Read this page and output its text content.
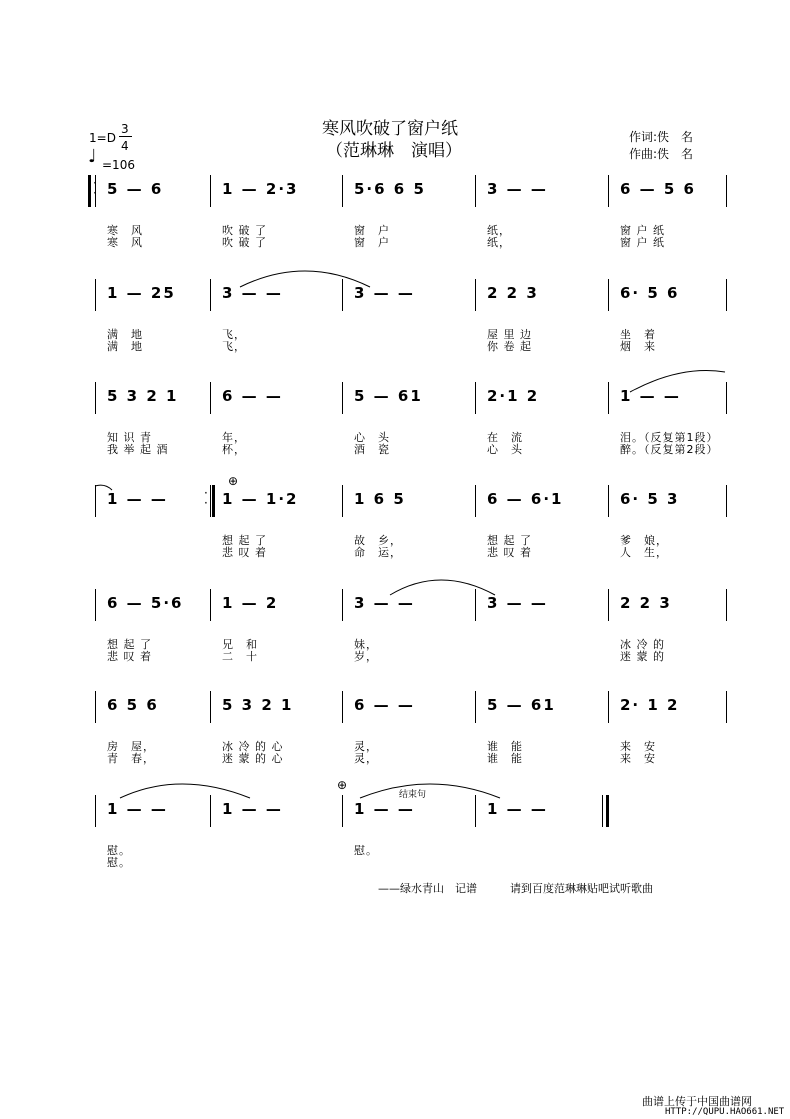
寒风吹破了窗户纸
（范琳琳　演唱）
作词:佚　名
作曲:佚　名
1=D
3
4
♩ =106
5 — 6
寒　风
寒　风
1 — 2·3
吹 破 了
吹 破 了
5·6 6 5
窗　户
窗　户
3 — —
纸，
纸，
6 — 5 6
窗 户 纸
窗 户 纸
1 — 25
满　地
满　地
3 — —
飞，
飞，
3 — —	2 2 3
屋 里 边
你 卷 起
6· 5 6
坐　着
烟　来
5 3 2 1
知 识 青
我 举 起 酒
6 — —
年，
杯，
5 — 61
心　头
酒　瓷
2·1 2
在　流
心　头
1 — —
泪。（反复第1段）
醉。（反复第2段）
1 — —	1 — 1·2
想 起 了
悲 叹 着
1 6 5
故　乡，
命　运，
6 — 6·1
想 起 了
悲 叹 着
6· 5 3
爹　娘，
人　生，
6 — 5·6
想 起 了
悲 叹 着
1 — 2
兄　和
二　十
3 — —
妹，
岁，
3 — —	2 2 3
冰 冷 的
迷 蒙 的
6 5 6
房　屋，
青　春，
5 3 2 1
冰 冷 的 心
迷 蒙 的 心
6 — —
灵，
灵，
5 — 61
谁　能
谁　能
2· 1 2
来　安
来　安
1 — —
慰。
慰。
1 — —	1 — —
慰。
1 — —
·
·
·
·
⊕
⊕
结束句
——绿水青山　记谱　　　请到百度范琳琳贴吧试听歌曲
曲谱上传于中国曲谱网
HTTP://QUPU.HAO661.NET
